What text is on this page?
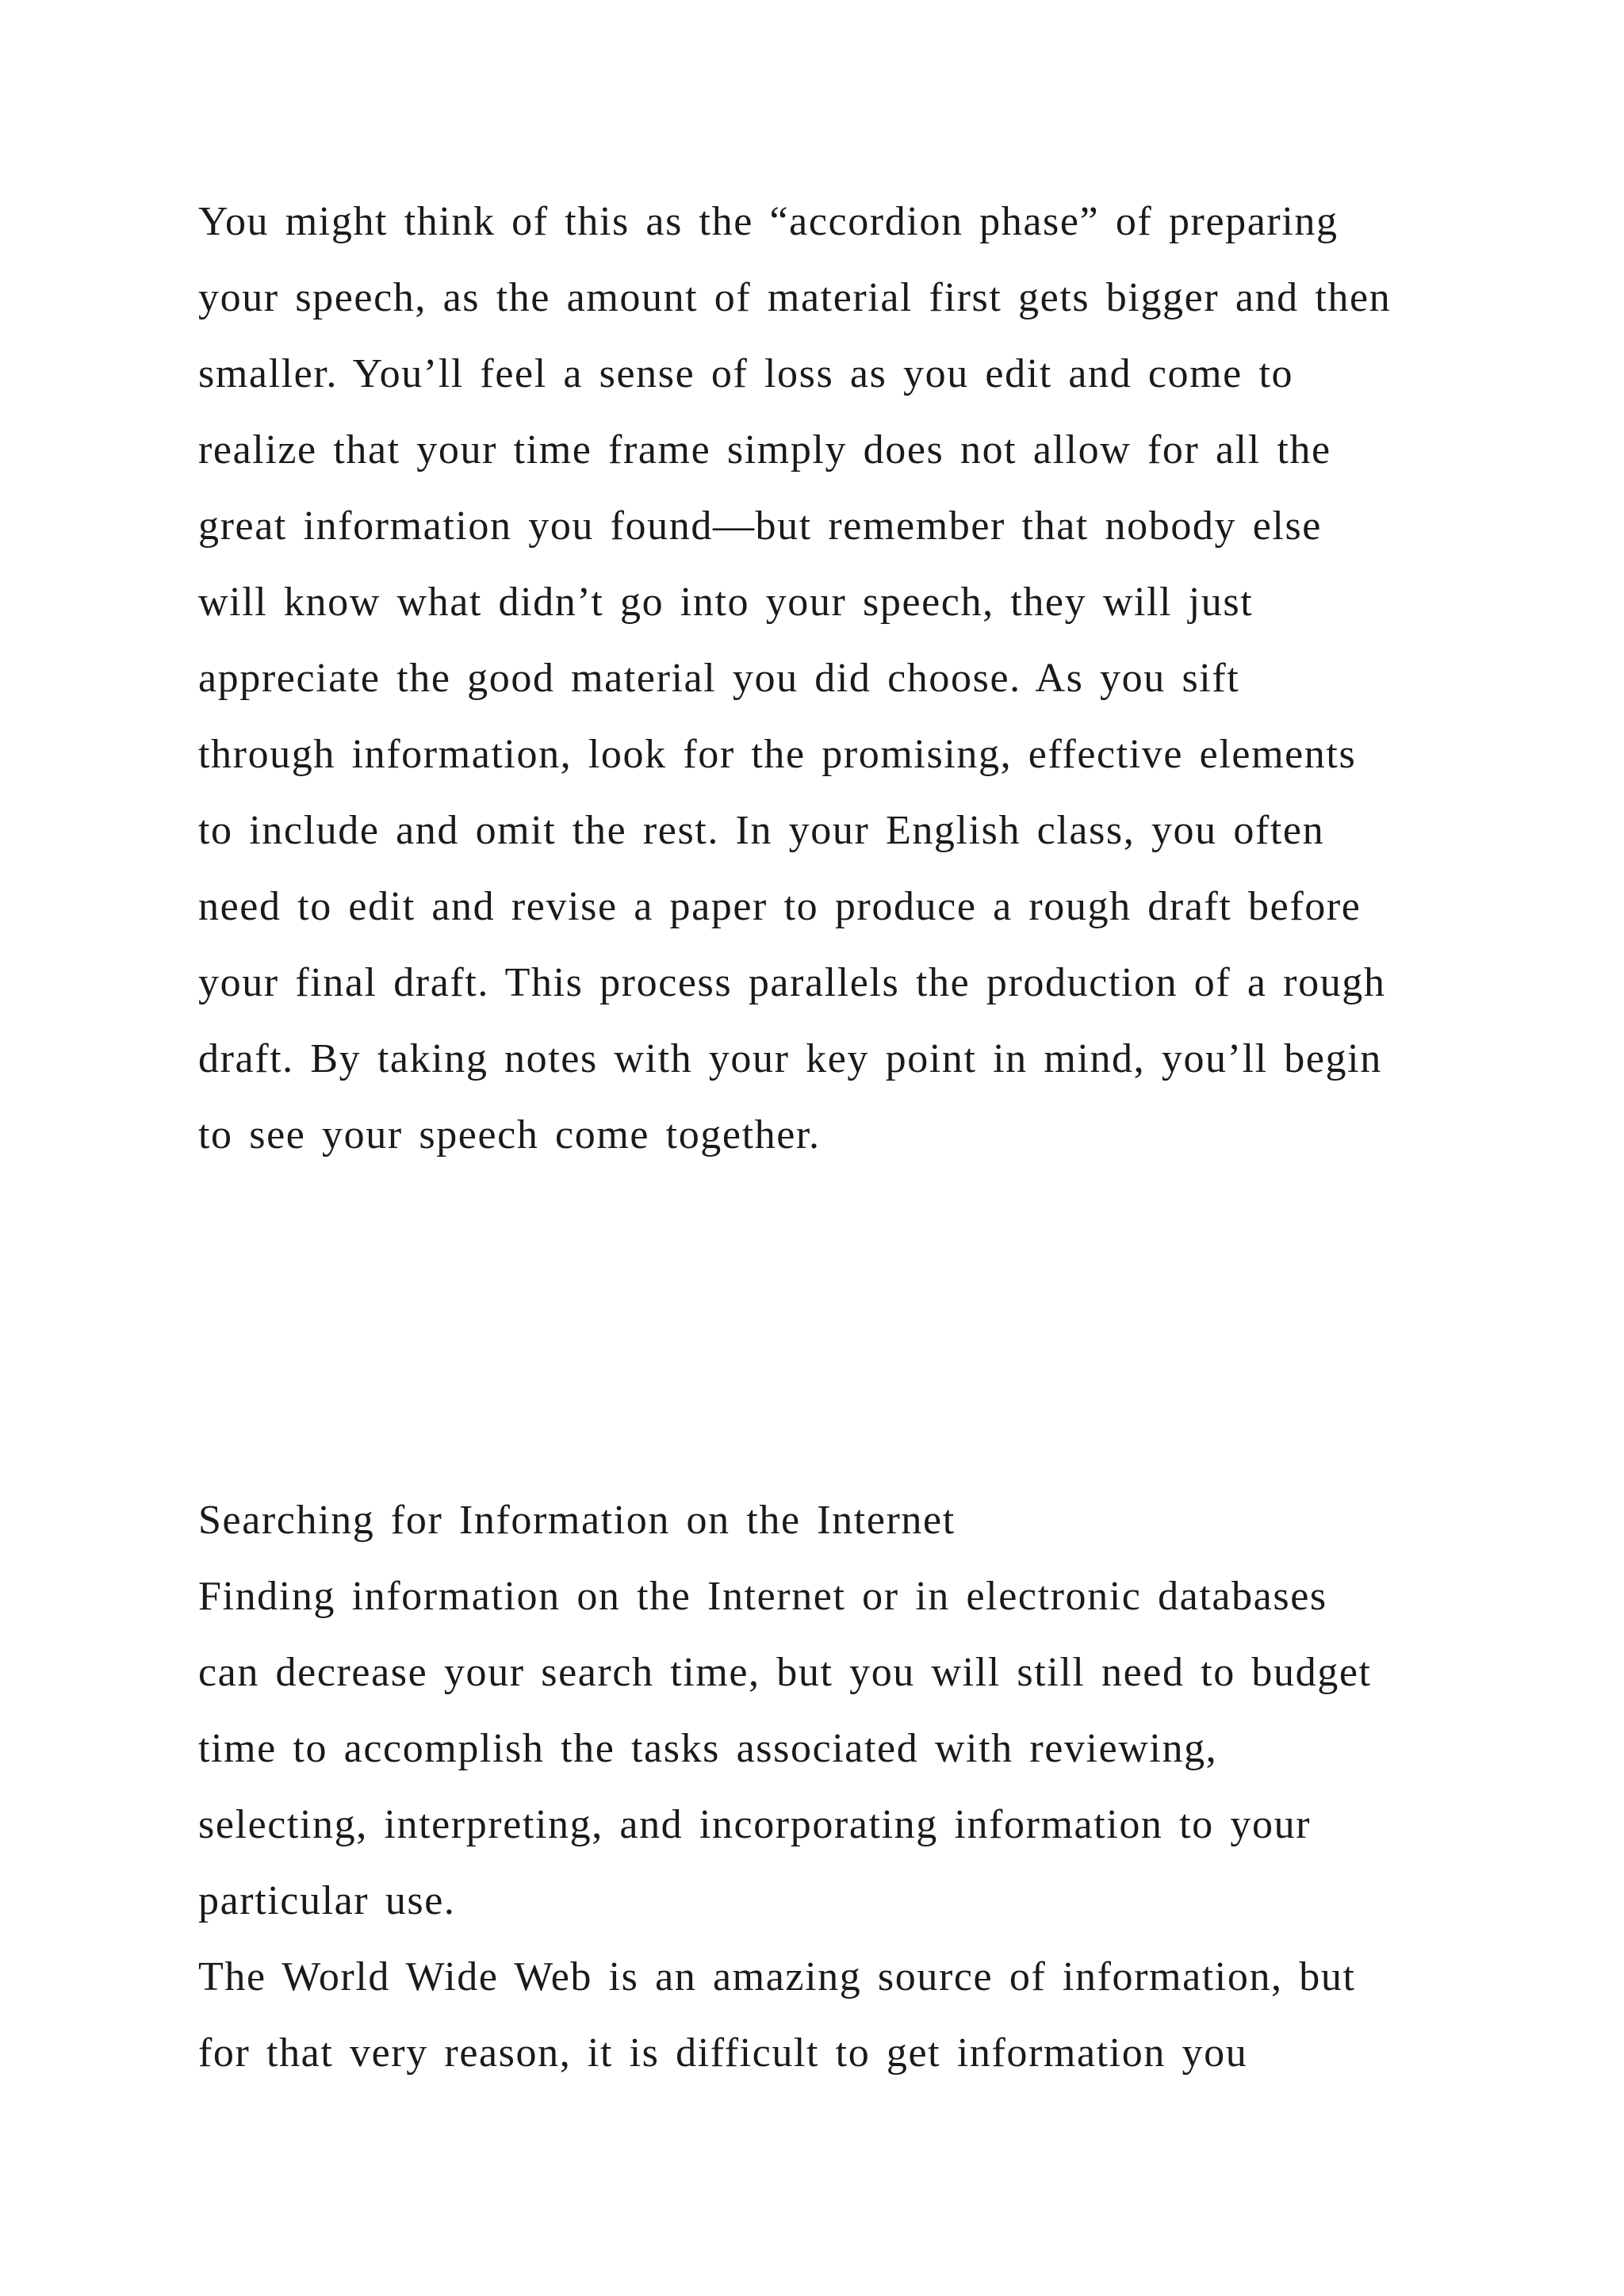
You might think of this as the “accordion phase” of preparing

your speech, as the amount of material first gets bigger and then

smaller. You’ll feel a sense of loss as you edit and come to

realize that your time frame simply does not allow for all the

great information you found—but remember that nobody else

will know what didn’t go into your speech, they will just

appreciate the good material you did choose. As you sift

through information, look for the promising, effective elements

to include and omit the rest. In your English class, you often

need to edit and revise a paper to produce a rough draft before

your final draft. This process parallels the production of a rough

draft. By taking notes with your key point in mind, you’ll begin

to see your speech come together.

Searching for Information on the Internet

Finding information on the Internet or in electronic databases

can decrease your search time, but you will still need to budget

time to accomplish the tasks associated with reviewing,

selecting, interpreting, and incorporating information to your

particular use.

The World Wide Web is an amazing source of information, but

for that very reason, it is difficult to get information you
